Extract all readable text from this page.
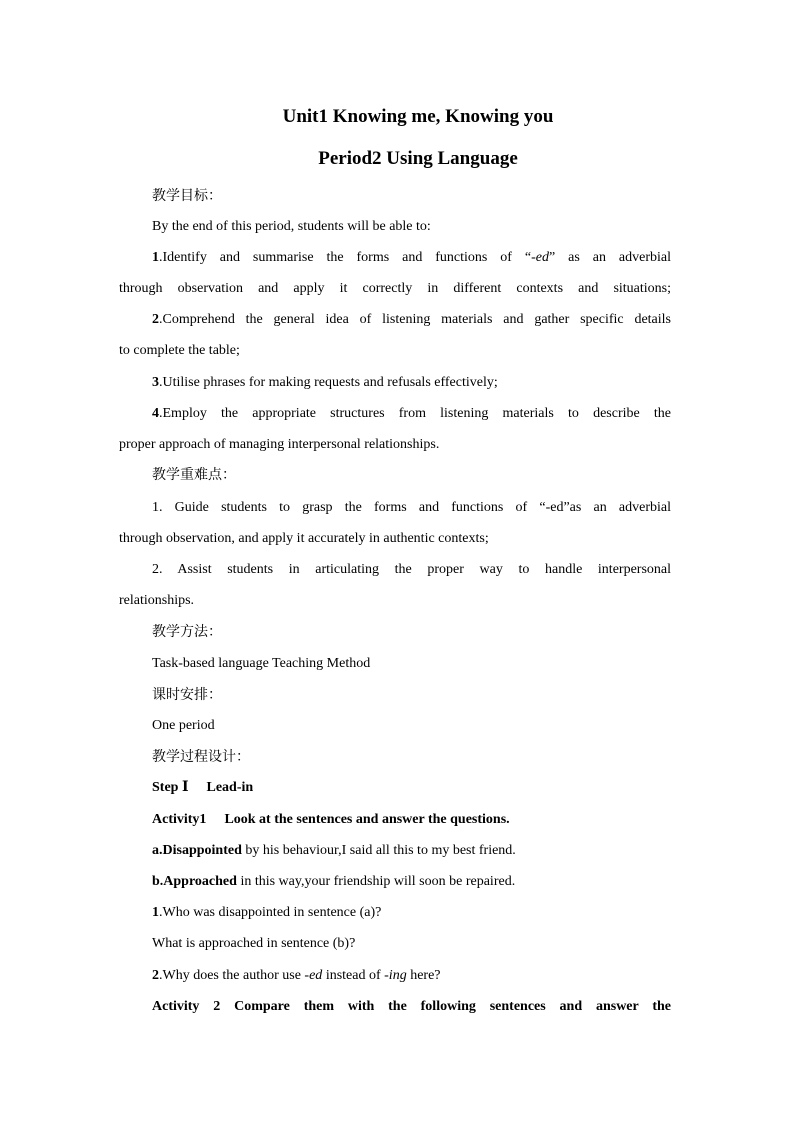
Unit1 Knowing me, Knowing you
Period2 Using Language
教学目标：
By the end of this period, students will be able to:
1.Identify and summarise the forms and functions of “-ed” as an adverbial
through observation and apply it correctly in different contexts and situations;
2.Comprehend the general idea of listening materials and gather specific details
to complete the table;
3.Utilise phrases for making requests and refusals effectively;
4.Employ the appropriate structures from listening materials to describe the
proper approach of managing interpersonal relationships.
教学重难点：
1. Guide students to grasp the forms and functions of “-ed”as an adverbial
through observation, and apply it accurately in authentic contexts;
2. Assist students in articulating the proper way to handle interpersonal
relationships.
教学方法：
Task-based language Teaching Method
课时安排：
One period
教学过程设计：
Step Ⅰ Lead-in
Activity1 Look at the sentences and answer the questions.
a.Disappointed by his behaviour,I said all this to my best friend.
b.Approached in this way,your friendship will soon be repaired.
1.Who was disappointed in sentence (a)?
What is approached in sentence (b)?
2.Why does the author use -ed instead of -ing here?
Activity 2 Compare them with the following sentences and answer the
